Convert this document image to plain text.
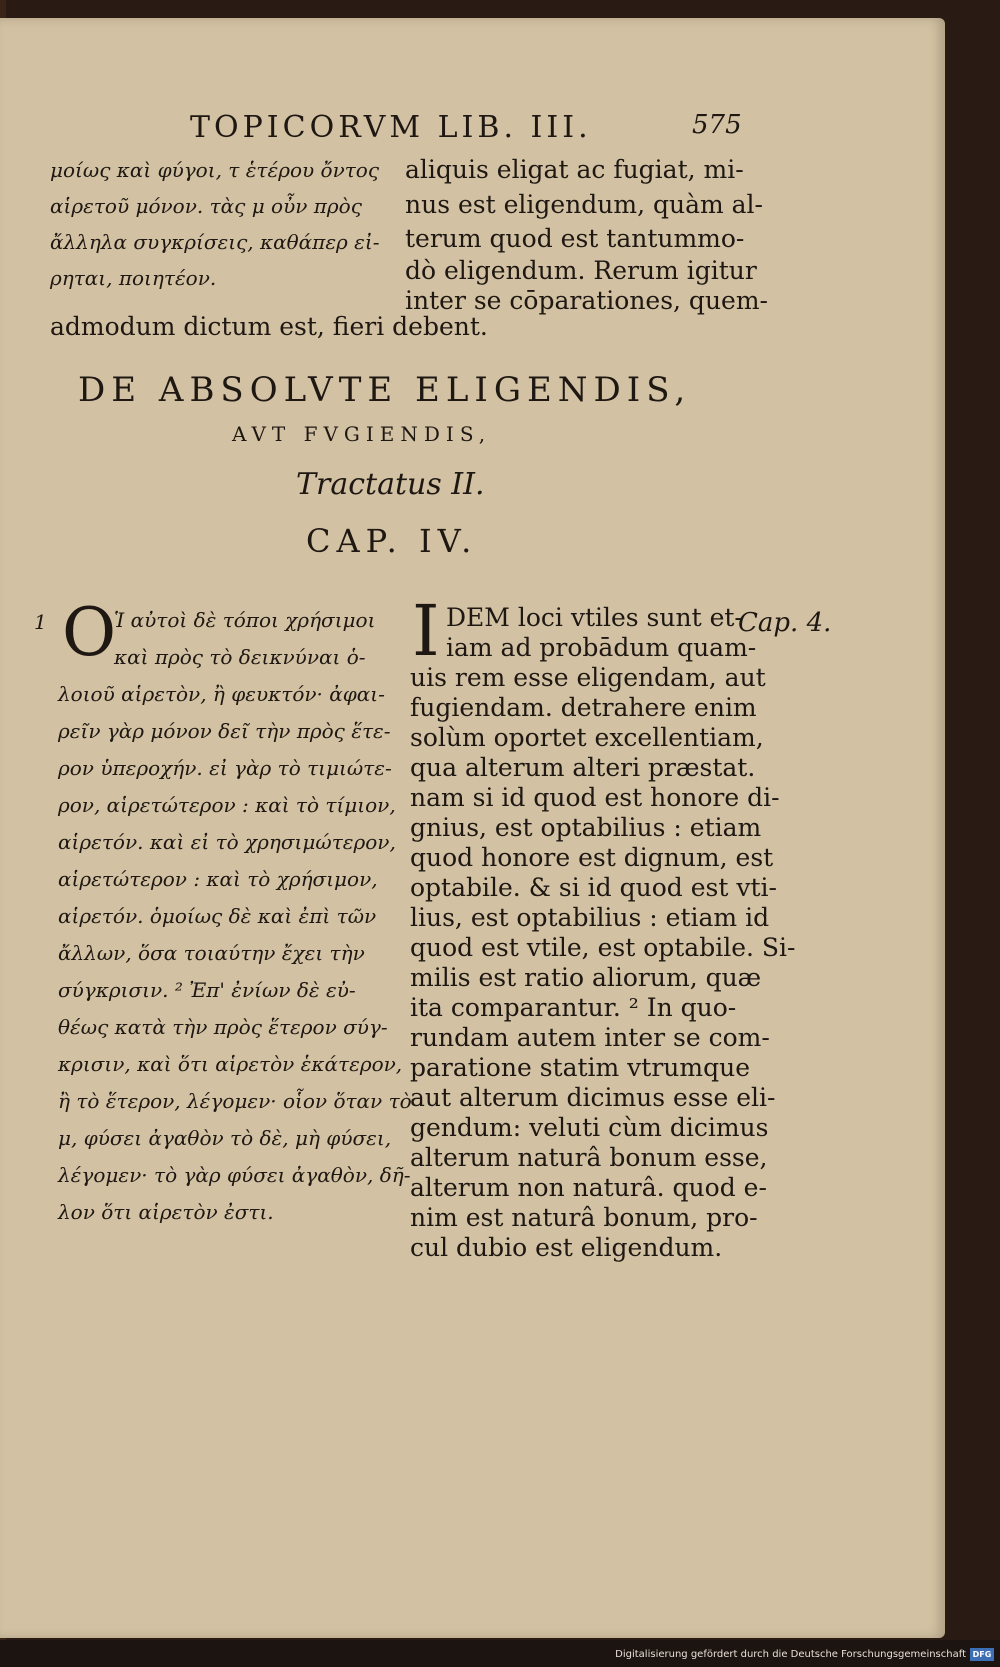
TOPICORVM LIB. III.	575
μοίως καὶ φύγοι, τ ἑτέρου ὄντος
αἱρετοῦ μόνον. τὰς μ οὖν πρὸς
ἄλληλα συγκρίσεις, καθάπερ εἰ-
ρηται, ποιητέον.
aliquis eligat ac fugiat, mi-
nus est eligendum, quàm al-
terum quod est tantummo-
dò eligendum. Rerum igitur
inter se cōparationes, quem-
admodum dictum est, fieri debent.
DE ABSOLVTE ELIGENDIS,
AVT FVGIENDIS,
Tractatus II.
CAP. IV.
1	Cap. 4.
O
Ἱ αὐτοὶ δὲ τόποι χρήσιμοι
καὶ πρὸς τὸ δεικνύναι ὁ-
λοιοῦ αἱρετὸν, ἢ φευκτόν· ἀφαι-
ρεῖν γὰρ μόνον δεῖ τὴν πρὸς ἕτε-
ρον ὑπεροχήν. εἰ γὰρ τὸ τιμιώτε-
ρον, αἱρετώτερον : καὶ τὸ τίμιον,
αἱρετόν. καὶ εἰ τὸ χρησιμώτερον,
αἱρετώτερον : καὶ τὸ χρήσιμον,
αἱρετόν. ὁμοίως δὲ καὶ ἐπὶ τῶν
ἄλλων, ὅσα τοιαύτην ἔχει τὴν
σύγκρισιν. ² Ἐπ' ἐνίων δὲ εὐ-
θέως κατὰ τὴν πρὸς ἕτερον σύγ-
κρισιν, καὶ ὅτι αἱρετὸν ἑκάτερον,
ἢ τὸ ἕτερον, λέγομεν· οἷον ὅταν τὸ
μ, φύσει ἀγαθὸν τὸ δὲ, μὴ φύσει,
λέγομεν· τὸ γὰρ φύσει ἀγαθὸν, δῆ-
λον ὅτι αἱρετὸν ἐστι.
I DEM loci vtiles sunt et-
iam ad probādum quam-
uis rem esse eligendam, aut
fugiendam. detrahere enim
solùm oportet excellentiam,
qua alterum alteri præstat.
nam si id quod est honore di-
gnius, est optabilius : etiam
quod honore est dignum, est
optabile. & si id quod est vti-
lius, est optabilius : etiam id
quod est vtile, est optabile. Si-
milis est ratio aliorum, quæ
ita comparantur. ² In quo-
rundam autem inter se com-
paratione statim vtrumque
aut alterum dicimus esse eli-
gendum: veluti cùm dicimus
alterum naturâ bonum esse,
alterum non naturâ. quod e-
nim est naturâ bonum, pro-
cul dubio est eligendum.
Digitalisierung gefördert durch die Deutsche Forschungsgemeinschaft DFG
